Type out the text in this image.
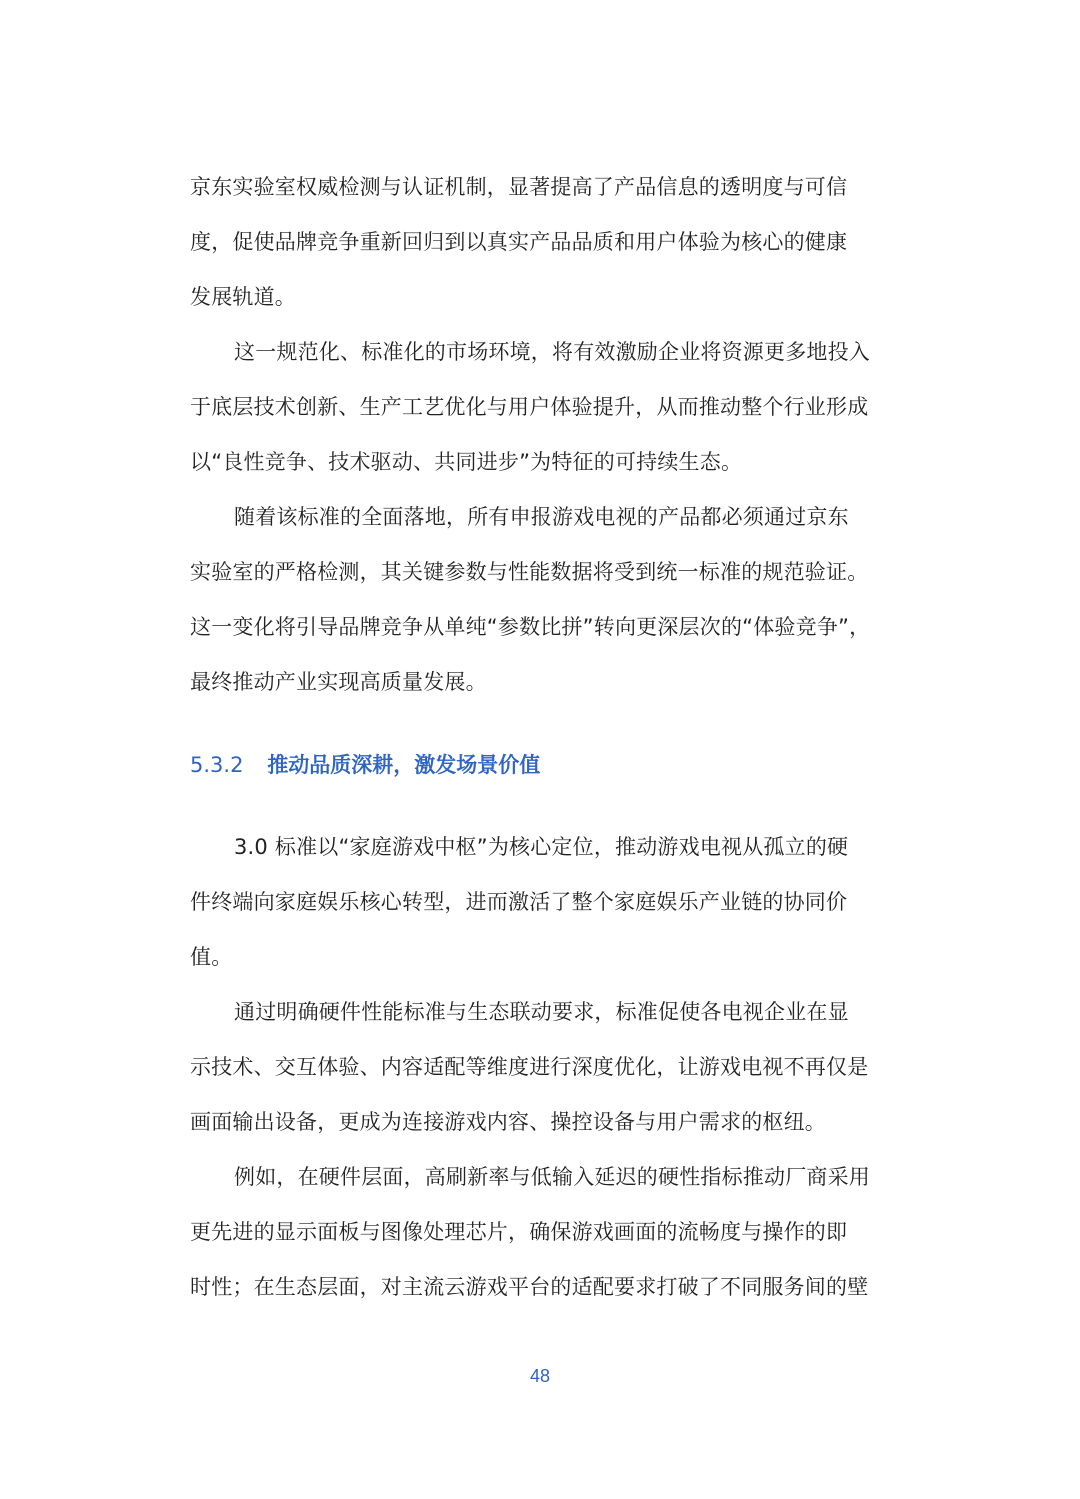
京东实验室权威检测与认证机制，显著提高了产品信息的透明度与可信
度，促使品牌竞争重新回归到以真实产品品质和用户体验为核心的健康
发展轨道。
这一规范化、标准化的市场环境，将有效激励企业将资源更多地投入
于底层技术创新、生产工艺优化与用户体验提升，从而推动整个行业形成
以“良性竞争、技术驱动、共同进步”为特征的可持续生态。
随着该标准的全面落地，所有申报游戏电视的产品都必须通过京东
实验室的严格检测，其关键参数与性能数据将受到统一标准的规范验证。
这一变化将引导品牌竞争从单纯“参数比拼”转向更深层次的“体验竞争”，
最终推动产业实现高质量发展。
5.3.2 推动品质深耕，激发场景价值
3.0 标准以“家庭游戏中枢”为核心定位，推动游戏电视从孤立的硬
件终端向家庭娱乐核心转型，进而激活了整个家庭娱乐产业链的协同价
值。
通过明确硬件性能标准与生态联动要求，标准促使各电视企业在显
示技术、交互体验、内容适配等维度进行深度优化，让游戏电视不再仅是
画面输出设备，更成为连接游戏内容、操控设备与用户需求的枢纽。
例如，在硬件层面，高刷新率与低输入延迟的硬性指标推动厂商采用
更先进的显示面板与图像处理芯片，确保游戏画面的流畅度与操作的即
时性；在生态层面，对主流云游戏平台的适配要求打破了不同服务间的壁
48
